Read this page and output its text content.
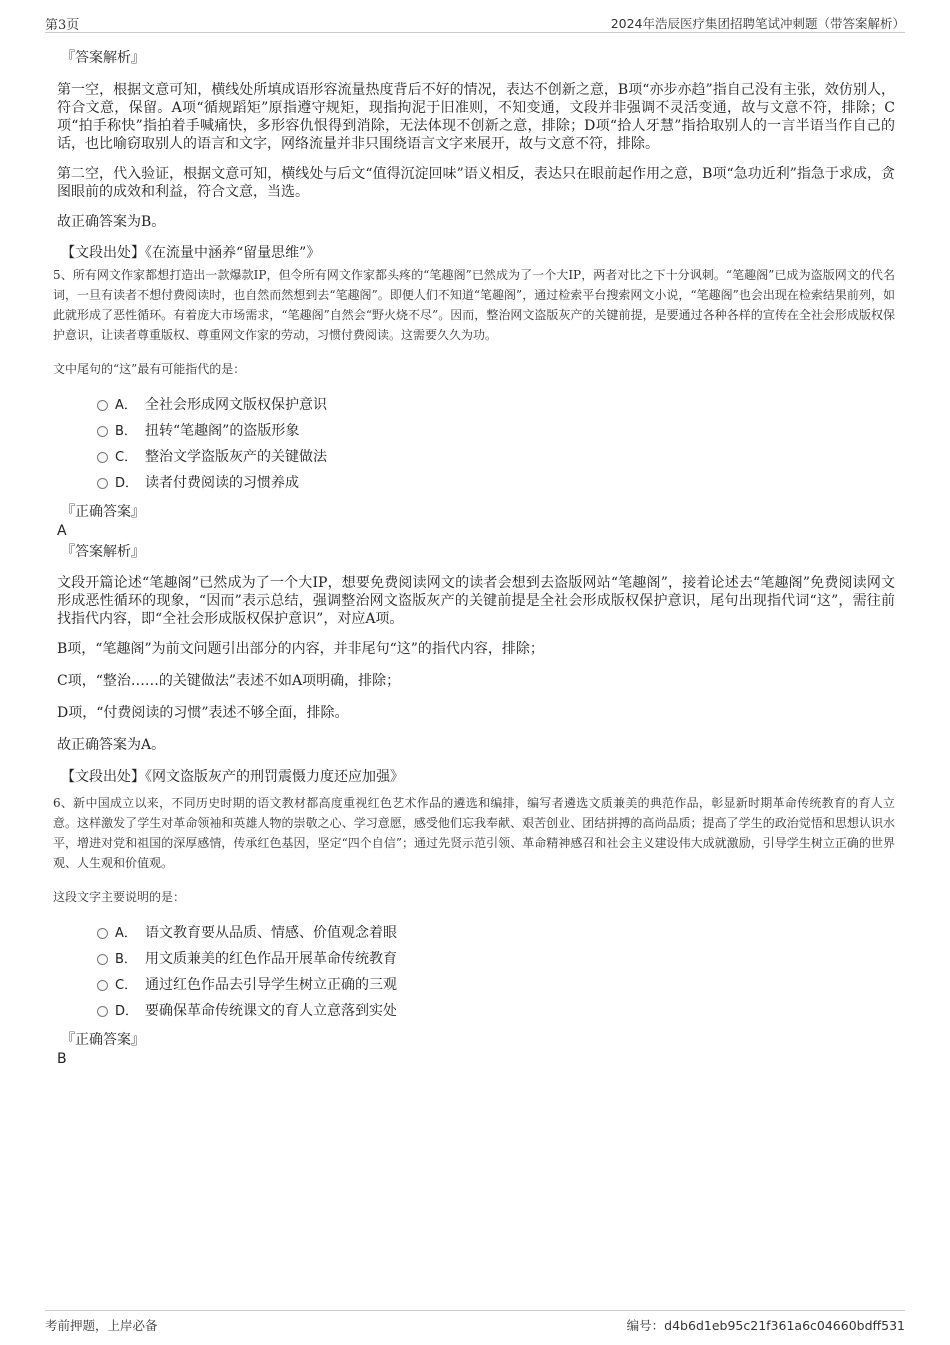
第3页	2024年浩辰医疗集团招聘笔试冲刺题（带答案解析）

『答案解析』

第一空，根据文意可知，横线处所填成语形容流量热度背后不好的情况，表达不创新之意，B项“亦步亦趋”指自己没有主张，效仿别人，符合文意，保留。A项“循规蹈矩”原指遵守规矩，现指拘泥于旧准则，不知变通，文段并非强调不灵活变通，故与文意不符，排除；C项“拍手称快”指拍着手喊痛快，多形容仇恨得到消除，无法体现不创新之意，排除；D项“拾人牙慧”指拾取别人的一言半语当作自己的话，也比喻窃取别人的语言和文字，网络流量并非只围绕语言文字来展开，故与文意不符，排除。

第二空，代入验证，根据文意可知，横线处与后文“值得沉淀回味”语义相反，表达只在眼前起作用之意，B项“急功近利”指急于求成，贪图眼前的成效和利益，符合文意，当选。

故正确答案为B。

【文段出处】《在流量中涵养“留量思维”》

5、所有网文作家都想打造出一款爆款IP，但令所有网文作家都头疼的“笔趣阁”已然成为了一个大IP，两者对比之下十分讽刺。“笔趣阁”已成为盗版网文的代名词，一旦有读者不想付费阅读时，也自然而然想到去“笔趣阁”。即便人们不知道“笔趣阁”，通过检索平台搜索网文小说，“笔趣阁”也会出现在检索结果前列，如此就形成了恶性循环。有着庞大市场需求，“笔趣阁”自然会“野火烧不尽”。因而，整治网文盗版灰产的关键前提，是要通过各种各样的宣传在全社会形成版权保护意识，让读者尊重版权、尊重网文作家的劳动，习惯付费阅读。这需要久久为功。

文中尾句的“这”最有可能指代的是：

A． 全社会形成网文版权保护意识
B． 扭转“笔趣阁”的盗版形象
C． 整治文学盗版灰产的关键做法
D． 读者付费阅读的习惯养成

『正确答案』

A

『答案解析』

文段开篇论述“笔趣阁”已然成为了一个大IP，想要免费阅读网文的读者会想到去盗版网站“笔趣阁”，接着论述去“笔趣阁”免费阅读网文形成恶性循环的现象，“因而”表示总结，强调整治网文盗版灰产的关键前提是全社会形成版权保护意识，尾句出现指代词“这”，需往前找指代内容，即“全社会形成版权保护意识”，对应A项。

B项，“笔趣阁”为前文问题引出部分的内容，并非尾句“这”的指代内容，排除；

C项，“整治……的关键做法”表述不如A项明确，排除；

D项，“付费阅读的习惯”表述不够全面，排除。

故正确答案为A。

【文段出处】《网文盗版灰产的刑罚震慑力度还应加强》

6、新中国成立以来，不同历史时期的语文教材都高度重视红色艺术作品的遴选和编排，编写者遴选文质兼美的典范作品，彰显新时期革命传统教育的育人立意。这样激发了学生对革命领袖和英雄人物的崇敬之心、学习意愿，感受他们忘我奉献、艰苦创业、团结拼搏的高尚品质；提高了学生的政治觉悟和思想认识水平，增进对党和祖国的深厚感情，传承红色基因，坚定“四个自信”；通过先贤示范引领、革命精神感召和社会主义建设伟大成就激励，引导学生树立正确的世界观、人生观和价值观。

这段文字主要说明的是：

A． 语文教育要从品质、情感、价值观念着眼
B． 用文质兼美的红色作品开展革命传统教育
C． 通过红色作品去引导学生树立正确的三观
D． 要确保革命传统课文的育人立意落到实处

『正确答案』

B

考前押题，上岸必备	编号：d4b6d1eb95c21f361a6c04660bdff531
